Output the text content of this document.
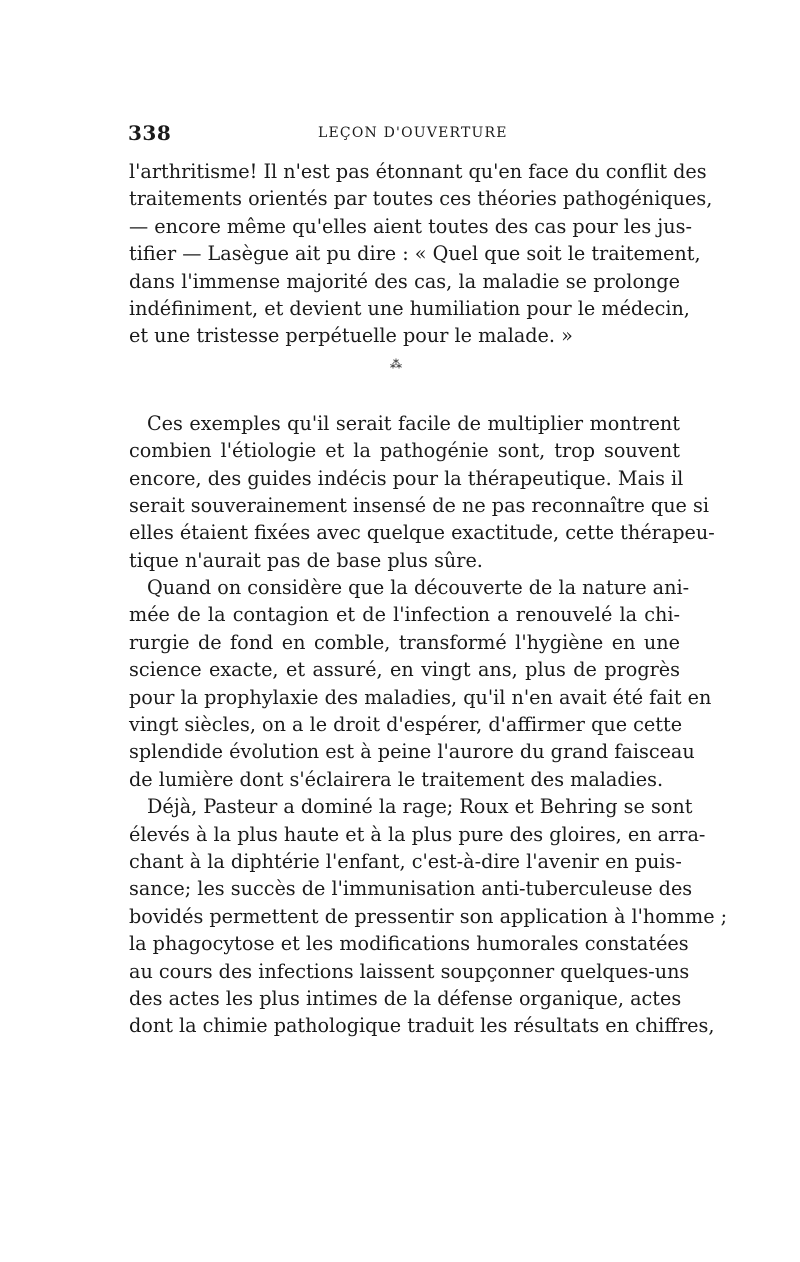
338	LEÇON D'OUVERTURE
l'arthritisme! Il n'est pas étonnant qu'en face du conflit des
traitements orientés par toutes ces théories pathogéniques,
— encore même qu'elles aient toutes des cas pour les jus-
tifier — Lasègue ait pu dire : « Quel que soit le traitement,
dans l'immense majorité des cas, la maladie se prolonge
indéfiniment, et devient une humiliation pour le médecin,
et une tristesse perpétuelle pour le malade. »
⁂
Ces exemples qu'il serait facile de multiplier montrent
combien l'étiologie et la pathogénie sont, trop souvent
encore, des guides indécis pour la thérapeutique. Mais il
serait souverainement insensé de ne pas reconnaître que si
elles étaient fixées avec quelque exactitude, cette thérapeu-
tique n'aurait pas de base plus sûre.
Quand on considère que la découverte de la nature ani-
mée de la contagion et de l'infection a renouvelé la chi-
rurgie de fond en comble, transformé l'hygiène en une
science exacte, et assuré, en vingt ans, plus de progrès
pour la prophylaxie des maladies, qu'il n'en avait été fait en
vingt siècles, on a le droit d'espérer, d'affirmer que cette
splendide évolution est à peine l'aurore du grand faisceau
de lumière dont s'éclairera le traitement des maladies.
Déjà, Pasteur a dominé la rage; Roux et Behring se sont
élevés à la plus haute et à la plus pure des gloires, en arra-
chant à la diphtérie l'enfant, c'est-à-dire l'avenir en puis-
sance; les succès de l'immunisation anti-tuberculeuse des
bovidés permettent de pressentir son application à l'homme ;
la phagocytose et les modifications humorales constatées
au cours des infections laissent soupçonner quelques-uns
des actes les plus intimes de la défense organique, actes
dont la chimie pathologique traduit les résultats en chiffres,
